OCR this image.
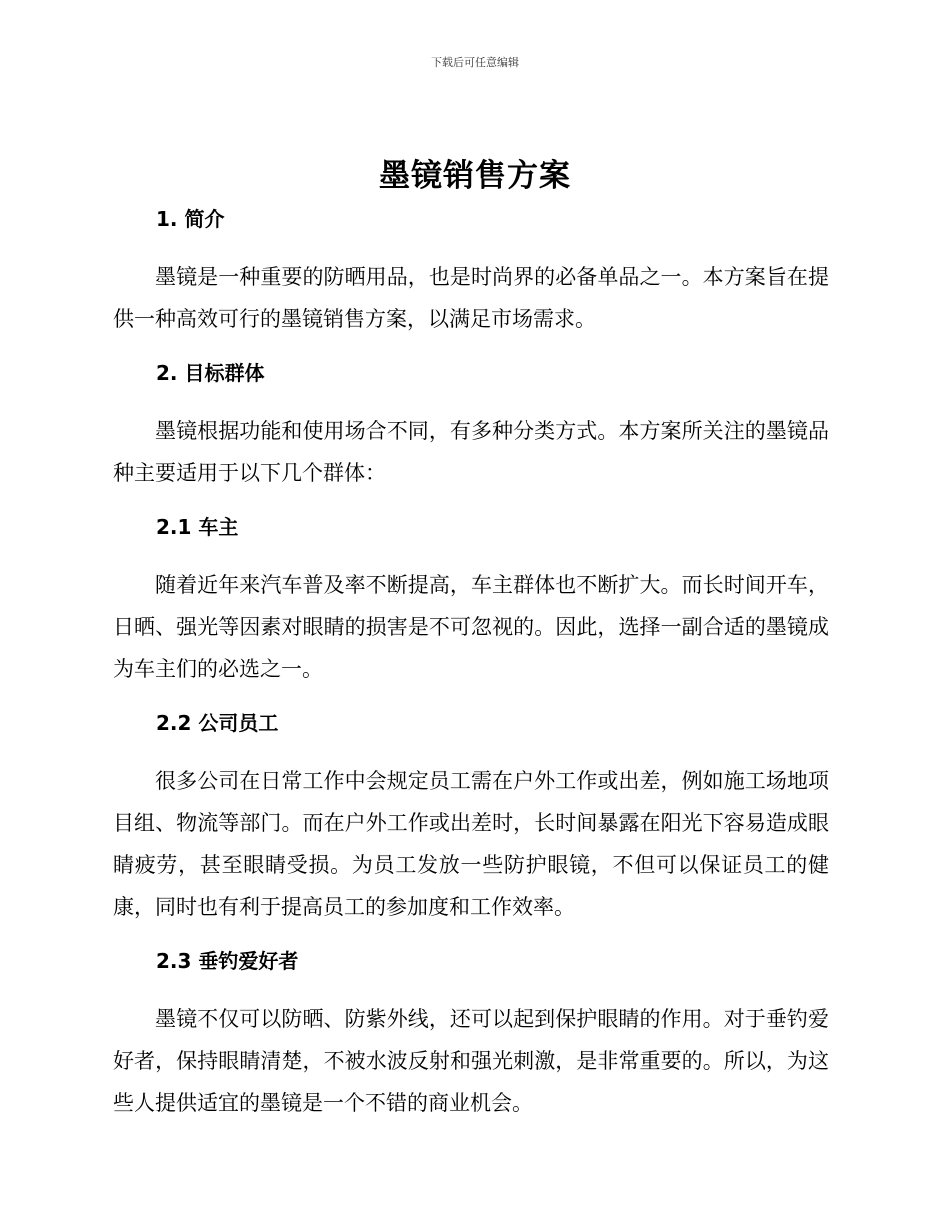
下载后可任意编辑
墨镜销售方案
1. 简介
墨镜是一种重要的防晒用品，也是时尚界的必备单品之一。本方案旨在提供一种高效可行的墨镜销售方案，以满足市场需求。
2. 目标群体
墨镜根据功能和使用场合不同，有多种分类方式。本方案所关注的墨镜品种主要适用于以下几个群体：
2.1 车主
随着近年来汽车普及率不断提高，车主群体也不断扩大。而长时间开车，日晒、强光等因素对眼睛的损害是不可忽视的。因此，选择一副合适的墨镜成为车主们的必选之一。
2.2 公司员工
很多公司在日常工作中会规定员工需在户外工作或出差，例如施工场地项目组、物流等部门。而在户外工作或出差时，长时间暴露在阳光下容易造成眼睛疲劳，甚至眼睛受损。为员工发放一些防护眼镜，不但可以保证员工的健康，同时也有利于提高员工的参加度和工作效率。
2.3 垂钓爱好者
墨镜不仅可以防晒、防紫外线，还可以起到保护眼睛的作用。对于垂钓爱好者，保持眼睛清楚，不被水波反射和强光刺激，是非常重要的。所以，为这些人提供适宜的墨镜是一个不错的商业机会。
